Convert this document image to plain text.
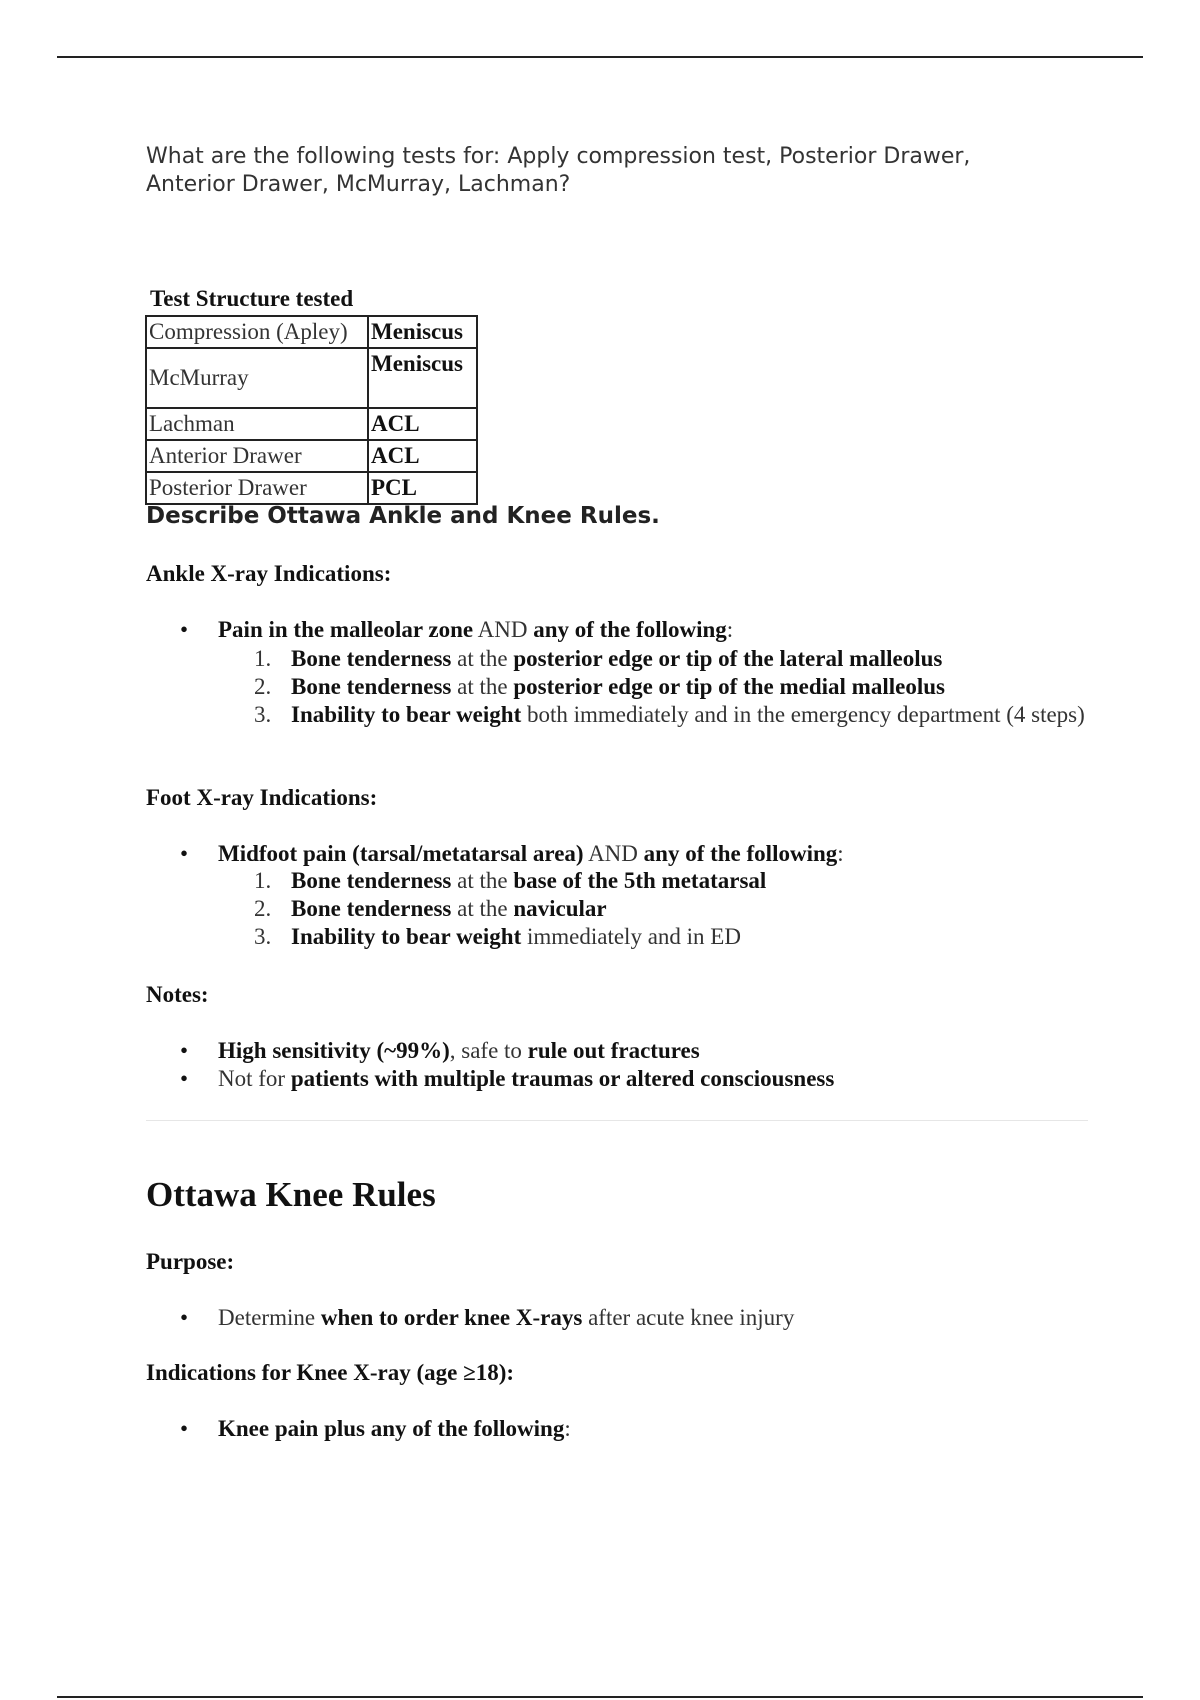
What are the following tests for: Apply compression test, Posterior Drawer, Anterior Drawer, McMurray, Lachman?
Test Structure tested
Compression (Apley)	Meniscus
McMurray	Meniscus
Lachman	ACL
Anterior Drawer	ACL
Posterior Drawer	PCL
Describe Ottawa Ankle and Knee Rules.
Ankle X-ray Indications:
• Pain in the malleolar zone AND any of the following:
1. Bone tenderness at the posterior edge or tip of the lateral malleolus
2. Bone tenderness at the posterior edge or tip of the medial malleolus
3. Inability to bear weight both immediately and in the emergency department (4 steps)
Foot X-ray Indications:
• Midfoot pain (tarsal/metatarsal area) AND any of the following:
1. Bone tenderness at the base of the 5th metatarsal
2. Bone tenderness at the navicular
3. Inability to bear weight immediately and in ED
Notes:
• High sensitivity (~99%), safe to rule out fractures
• Not for patients with multiple traumas or altered consciousness
Ottawa Knee Rules
Purpose:
• Determine when to order knee X-rays after acute knee injury
Indications for Knee X-ray (age ≥18):
• Knee pain plus any of the following:
